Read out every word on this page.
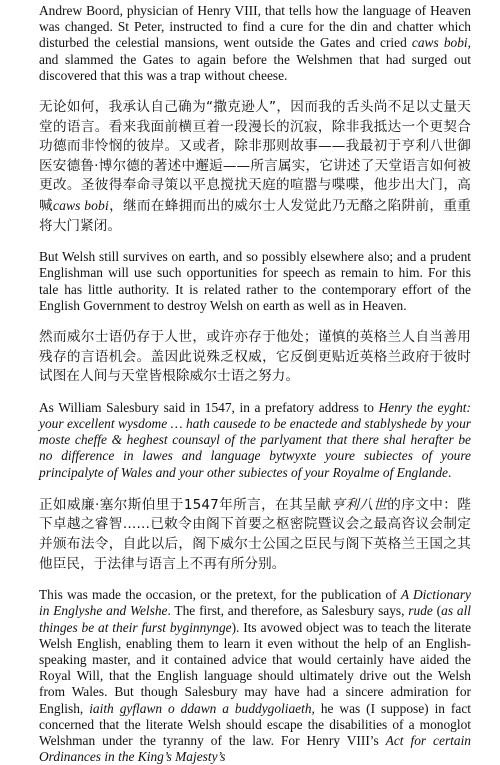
Andrew Boord, physician of Henry VIII, that tells how the language of Heaven was changed. St Peter, instructed to find a cure for the din and chatter which disturbed the celestial mansions, went outside the Gates and cried caws bobi, and slammed the Gates to again before the Welshmen that had surged out discovered that this was a trap without cheese.

无论如何，我承认自己确为“撒克逊人”，因而我的舌头尚不足以丈量天堂的语言。看来我面前横亘着一段漫长的沉寂，除非我抵达一个更契合功德而非怜悯的彼岸。又或者，除非那则故事——我最初于亨利八世御医安德鲁·博尔德的著述中邂逅——所言属实，它讲述了天堂语言如何被更改。圣彼得奉命寻策以平息搅扰天庭的喧嚣与喋喋，他步出大门，高喊caws bobi，继而在蜂拥而出的威尔士人发觉此乃无酪之陷阱前，重重将大门紧闭。

But Welsh still survives on earth, and so possibly elsewhere also; and a prudent Englishman will use such opportunities for speech as remain to him. For this tale has little authority. It is related rather to the contemporary effort of the English Government to destroy Welsh on earth as well as in Heaven.

然而威尔士语仍存于人世，或许亦存于他处；谨慎的英格兰人自当善用残存的言语机会。盖因此说殊乏权威，它反倒更贴近英格兰政府于彼时试图在人间与天堂皆根除威尔士语之努力。

As William Salesbury said in 1547, in a prefatory address to Henry the eyght: your excellent wysdome … hath causede to be enactede and stablyshede by your moste cheffe & heghest counsayl of the parlyament that there shal herafter be no difference in lawes and language bytwyxte youre subiectes of youre principalyte of Wales and your other subiectes of your Royalme of Englande.

正如威廉·塞尔斯伯里于1547年所言，在其呈献亨利八世的序文中：陛下卓越之睿智……已敕令由阁下首要之枢密院暨议会之最高咨议会制定并颁布法令，自此以后，阁下威尔士公国之臣民与阁下英格兰王国之其他臣民，于法律与语言上不再有所分别。

This was made the occasion, or the pretext, for the publication of A Dictionary in Englyshe and Welshe. The first, and therefore, as Salesbury says, rude (as all thinges be at their furst byginnynge). Its avowed object was to teach the literate Welsh English, enabling them to learn it even without the help of an English-speaking master, and it contained advice that would certainly have aided the Royal Will, that the English language should ultimately drive out the Welsh from Wales. But though Salesbury may have had a sincere admiration for English, iaith gyflawn o ddawn a buddygoliaeth, he was (I suppose) in fact concerned that the literate Welsh should escape the disabilities of a monoglot Welshman under the tyranny of the law. For Henry VIII’s Act for certain Ordinances in the King’s Majesty’s
